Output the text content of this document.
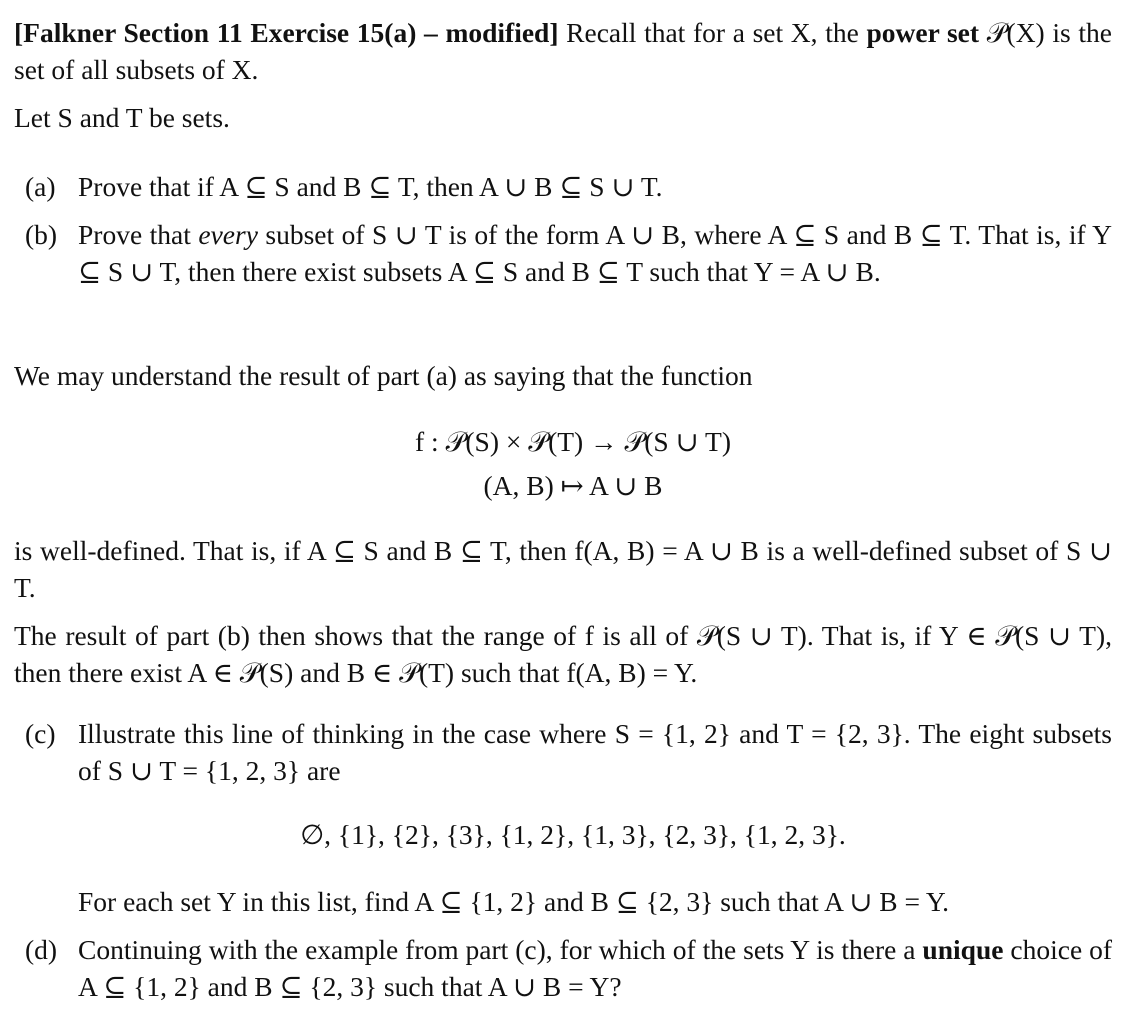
[Falkner Section 11 Exercise 15(a) – modified] Recall that for a set X, the power set 𝒫(X) is the set of all subsets of X.
Let S and T be sets.
(a) Prove that if A ⊆ S and B ⊆ T, then A ∪ B ⊆ S ∪ T.
(b) Prove that every subset of S ∪ T is of the form A ∪ B, where A ⊆ S and B ⊆ T. That is, if Y ⊆ S ∪ T, then there exist subsets A ⊆ S and B ⊆ T such that Y = A ∪ B.
We may understand the result of part (a) as saying that the function
f : 𝒫(S) × 𝒫(T) → 𝒫(S ∪ T)
(A, B) ↦ A ∪ B
is well-defined. That is, if A ⊆ S and B ⊆ T, then f(A, B) = A ∪ B is a well-defined subset of S ∪ T.
The result of part (b) then shows that the range of f is all of 𝒫(S ∪ T). That is, if Y ∈ 𝒫(S ∪ T), then there exist A ∈ 𝒫(S) and B ∈ 𝒫(T) such that f(A, B) = Y.
(c) Illustrate this line of thinking in the case where S = {1, 2} and T = {2, 3}. The eight subsets of S ∪ T = {1, 2, 3} are
∅, {1}, {2}, {3}, {1, 2}, {1, 3}, {2, 3}, {1, 2, 3}.
For each set Y in this list, find A ⊆ {1, 2} and B ⊆ {2, 3} such that A ∪ B = Y.
(d) Continuing with the example from part (c), for which of the sets Y is there a unique choice of A ⊆ {1, 2} and B ⊆ {2, 3} such that A ∪ B = Y?
